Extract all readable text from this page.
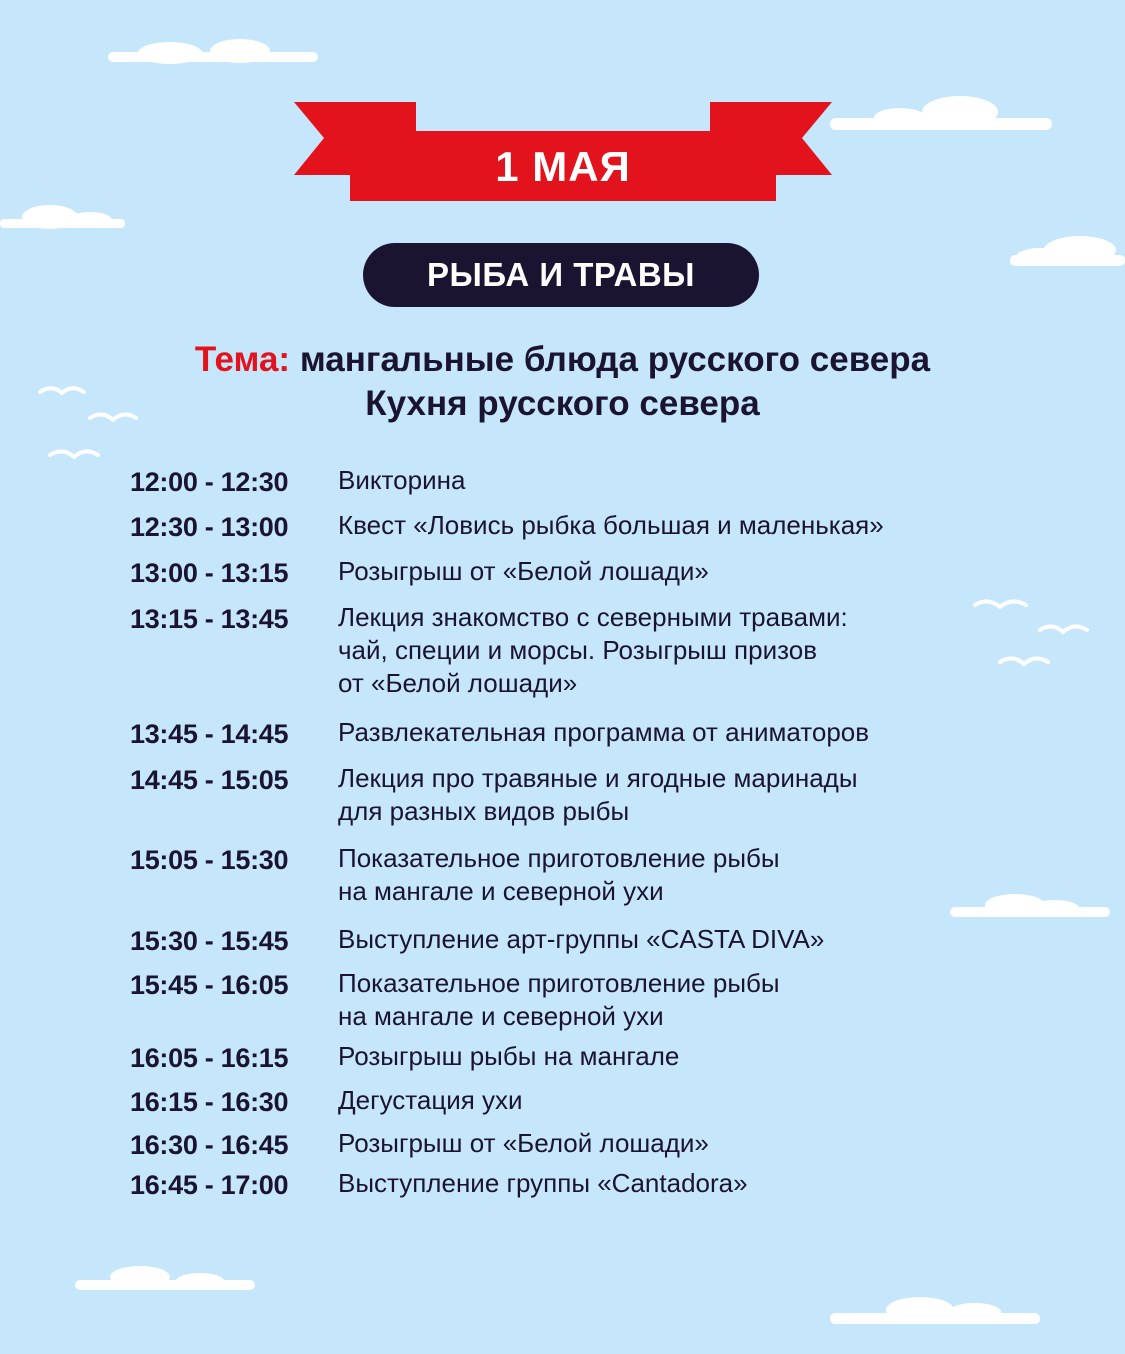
1 МАЯ
РЫБА И ТРАВЫ
Тема: мангальные блюда русского севера
Кухня русского севера
12:00 - 12:30 Викторина
12:30 - 13:00 Квест «Ловись рыбка большая и маленькая»
13:00 - 13:15 Розыгрыш от «Белой лошади»
13:15 - 13:45 Лекция знакомство с северными травами:
чай, специи и морсы. Розыгрыш призов
от «Белой лошади»
13:45 - 14:45 Развлекательная программа от аниматоров
14:45 - 15:05 Лекция про травяные и ягодные маринады
для разных видов рыбы
15:05 - 15:30 Показательное приготовление рыбы
на мангале и северной ухи
15:30 - 15:45 Выступление арт-группы «CASTA DIVA»
15:45 - 16:05 Показательное приготовление рыбы
на мангале и северной ухи
16:05 - 16:15 Розыгрыш рыбы на мангале
16:15 - 16:30 Дегустация ухи
16:30 - 16:45 Розыгрыш от «Белой лошади»
16:45 - 17:00 Выступление группы «Cantadora»
